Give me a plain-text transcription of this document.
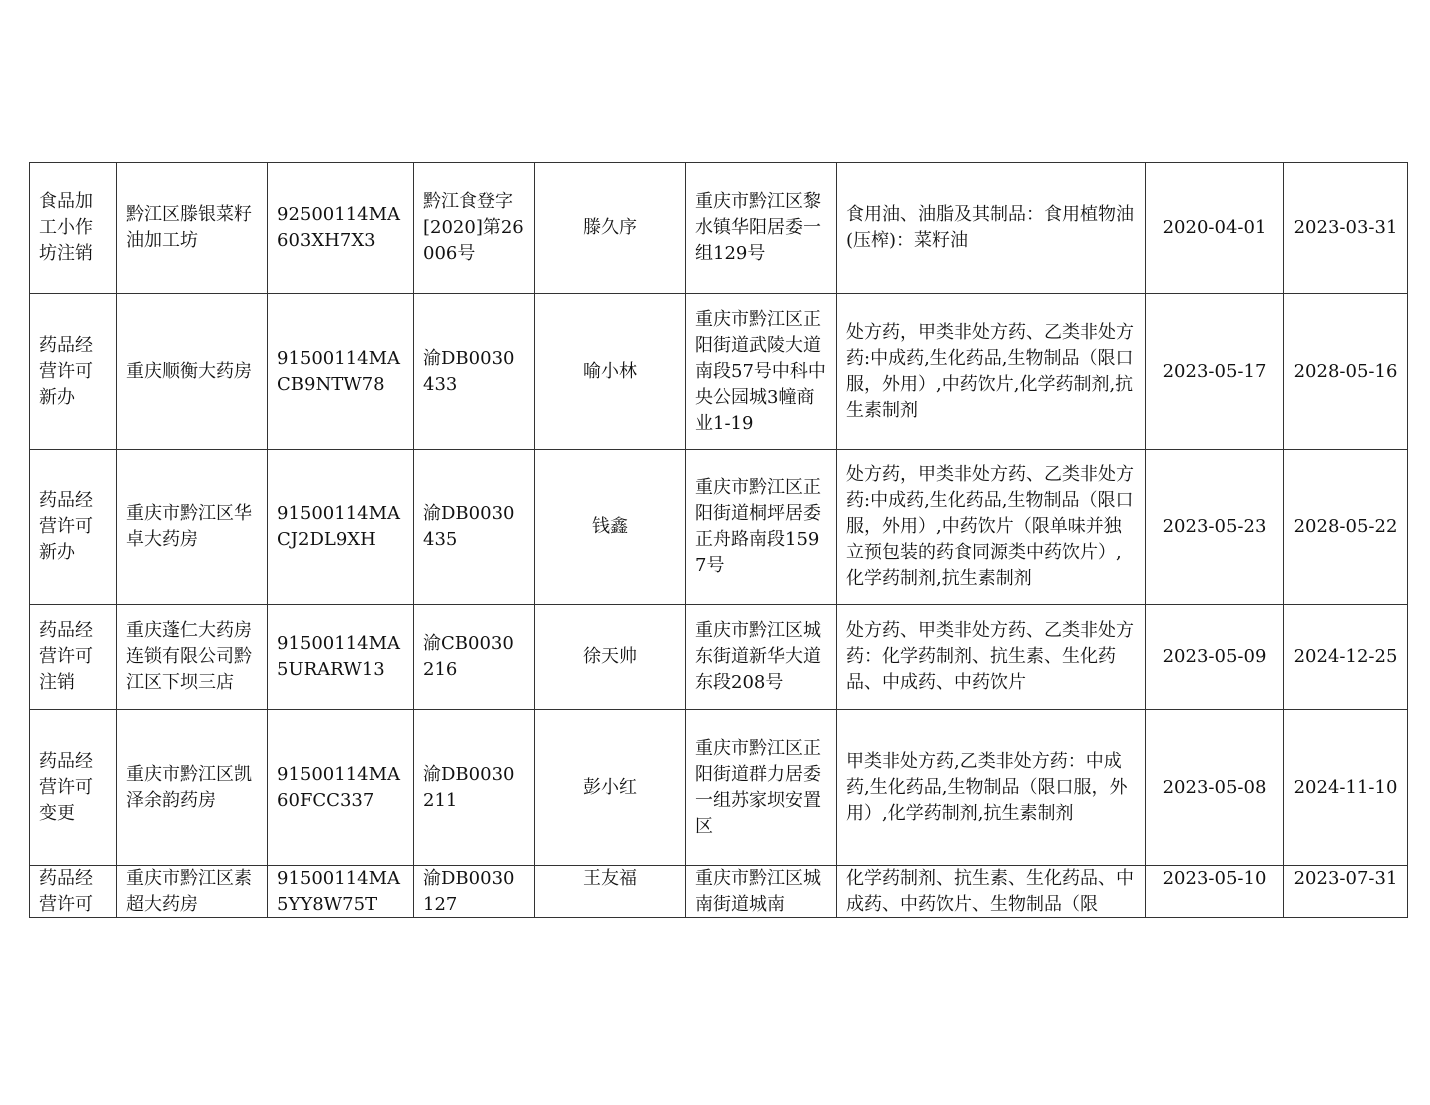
食品加工小作坊注销	黔江区滕银菜籽油加工坊	92500114MA603XH7X3	黔江食登字[2020]第26006号	滕久序	重庆市黔江区黎水镇华阳居委一组129号	食用油、油脂及其制品：食用植物油(压榨)：菜籽油	2020-04-01	2023-03-31

药品经营许可新办	重庆顺衡大药房	91500114MACB9NTW78	渝DB0030433	喻小林	重庆市黔江区正阳街道武陵大道南段57号中科中央公园城3幢商业1-19	处方药，甲类非处方药、乙类非处方药:中成药,生化药品,生物制品（限口服，外用）,中药饮片,化学药制剂,抗生素制剂	2023-05-17	2028-05-16

药品经营许可新办	重庆市黔江区华卓大药房	91500114MACJ2DL9XH	渝DB0030435	钱鑫	重庆市黔江区正阳街道桐坪居委正舟路南段1597号	处方药，甲类非处方药、乙类非处方药:中成药,生化药品,生物制品（限口服，外用）,中药饮片（限单味并独立预包装的药食同源类中药饮片）,化学药制剂,抗生素制剂	2023-05-23	2028-05-22

药品经营许可注销	重庆蓬仁大药房连锁有限公司黔江区下坝三店	91500114MA5URARW13	渝CB0030216	徐天帅	重庆市黔江区城东街道新华大道东段208号	处方药、甲类非处方药、乙类非处方药：化学药制剂、抗生素、生化药品、中成药、中药饮片	2023-05-09	2024-12-25

药品经营许可变更	重庆市黔江区凯泽余韵药房	91500114MA60FCC337	渝DB0030211	彭小红	重庆市黔江区正阳街道群力居委一组苏家坝安置区	甲类非处方药,乙类非处方药：中成药,生化药品,生物制品（限口服，外用）,化学药制剂,抗生素制剂	2023-05-08	2024-11-10

药品经营许可	重庆市黔江区素超大药房	91500114MA5YY8W75T	渝DB0030127	王友福	重庆市黔江区城南街道城南	化学药制剂、抗生素、生化药品、中成药、中药饮片、生物制品（限	2023-05-10	2023-07-31
